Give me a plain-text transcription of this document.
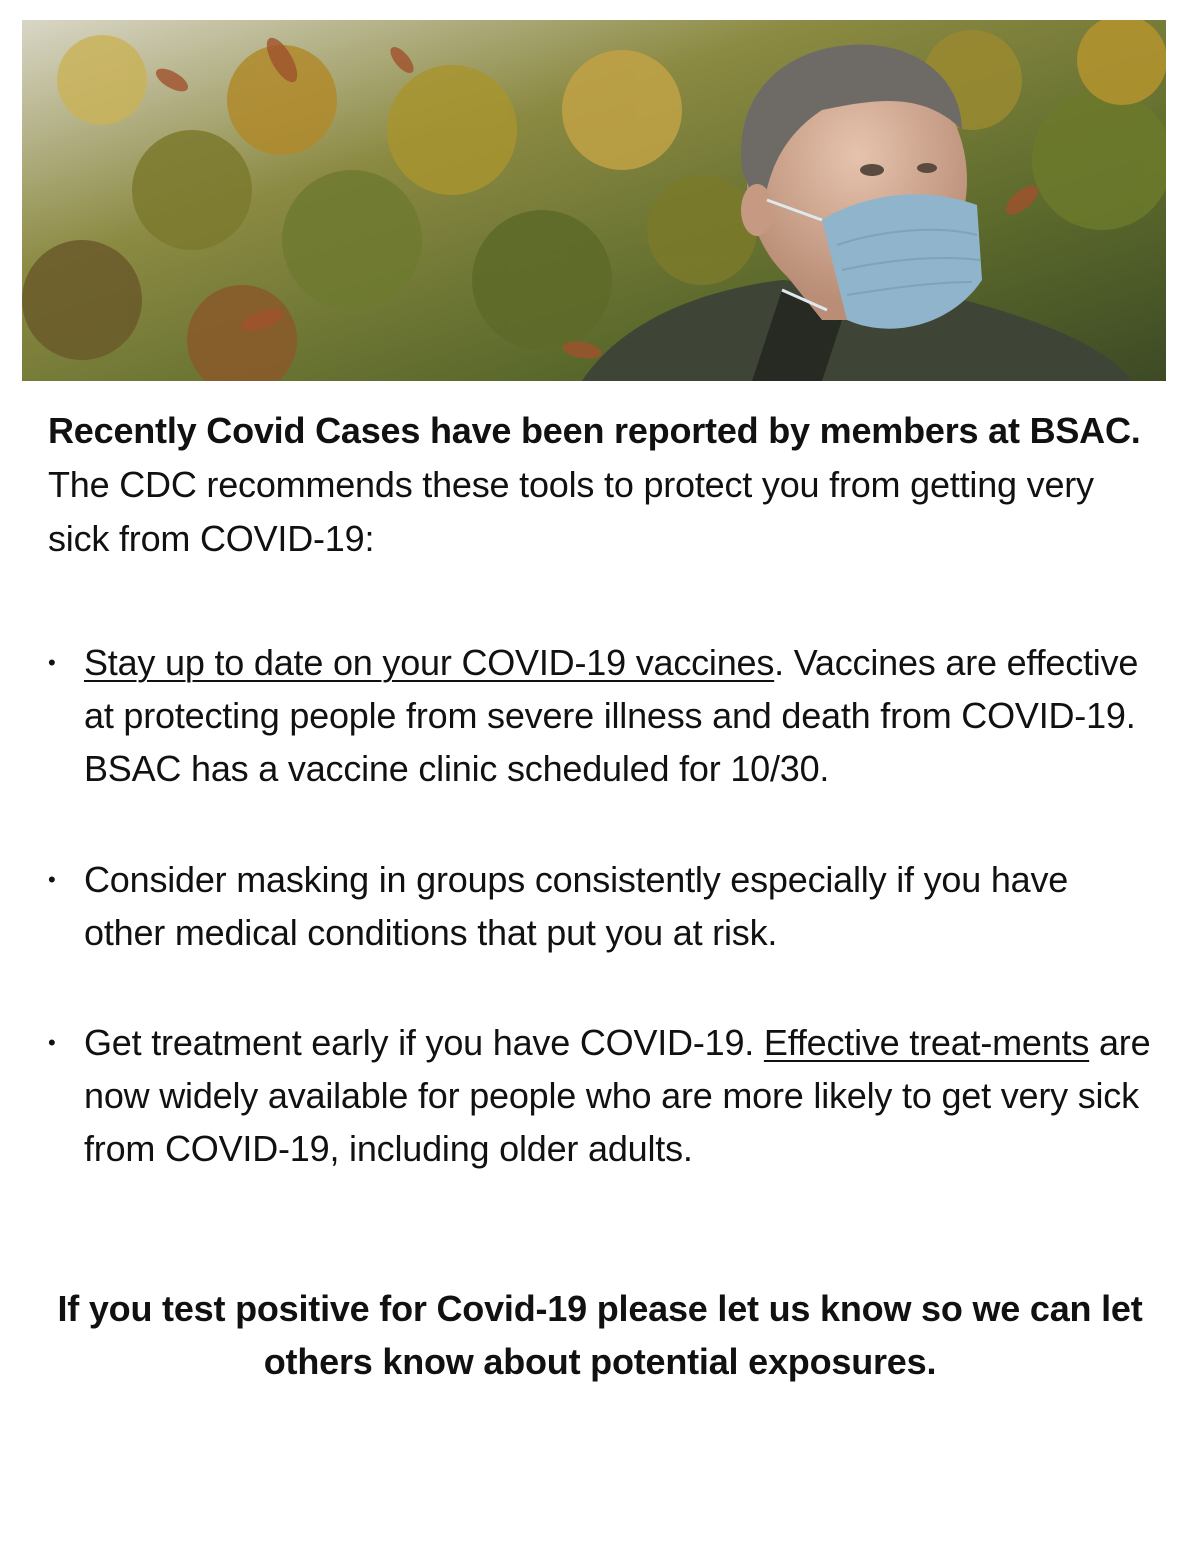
Recently Covid Cases have been reported by members at BSAC. The CDC recommends these tools to protect you from getting very sick from COVID-19:

• Stay up to date on your COVID-19 vaccines. Vaccines are effective at protecting people from severe illness and death from COVID-19. BSAC has a vaccine clinic scheduled for 10/30.
• Consider masking in groups consistently especially if you have other medical conditions that put you at risk.
• Get treatment early if you have COVID-19. Effective treat-ments are now widely available for people who are more likely to get very sick from COVID-19, including older adults.
If you test positive for Covid-19 please let us know so we can let others know about potential exposures.
